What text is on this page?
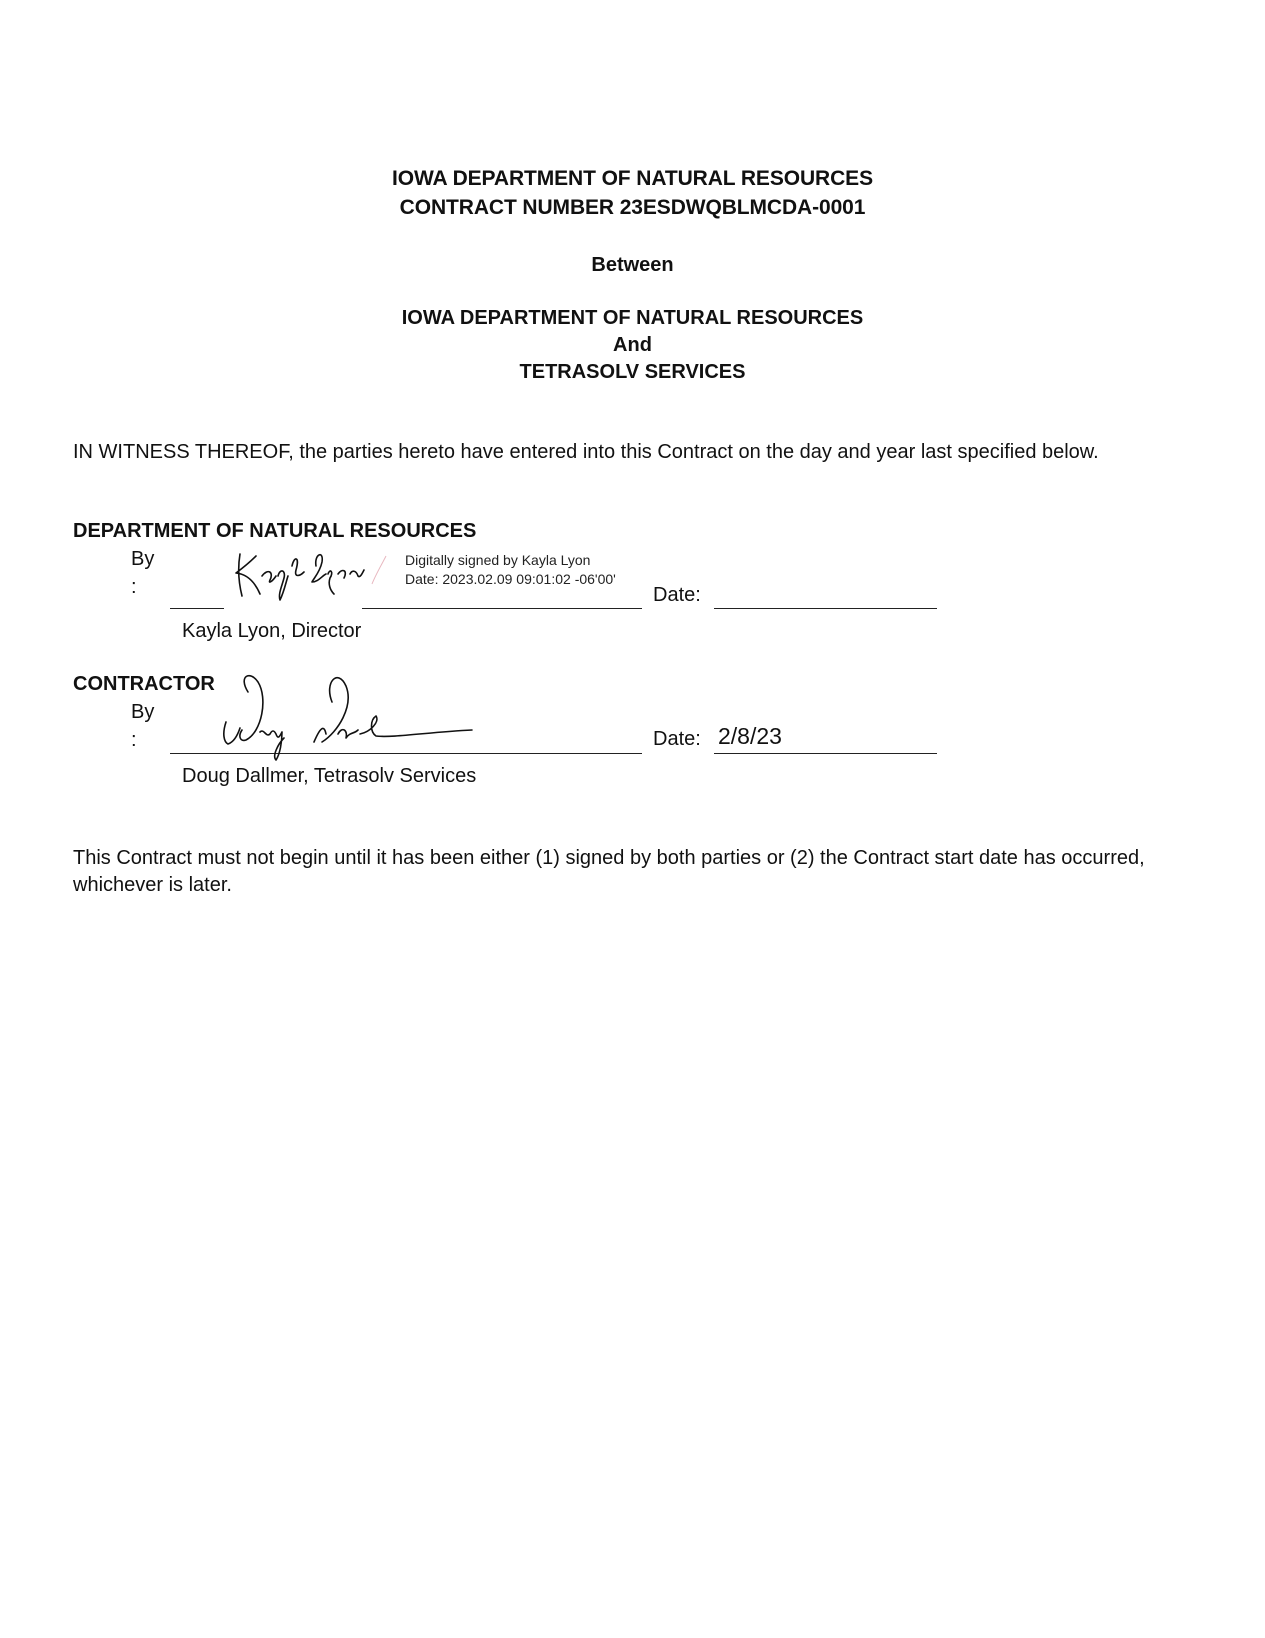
IOWA DEPARTMENT OF NATURAL RESOURCES
CONTRACT NUMBER 23ESDWQBLMCDA-0001
Between
IOWA DEPARTMENT OF NATURAL RESOURCES
And
TETRASOLV SERVICES
IN WITNESS THEREOF, the parties hereto have entered into this Contract on the day and year last specified below.
DEPARTMENT OF NATURAL RESOURCES
By
:
Digitally signed by Kayla Lyon
Date: 2023.02.09 09:01:02 -06'00'
Date:
Kayla Lyon, Director
CONTRACTOR
By
:	Date: 2/8/23
Doug Dallmer, Tetrasolv Services
This Contract must not begin until it has been either (1) signed by both parties or (2) the Contract start date has occurred,
whichever is later.
